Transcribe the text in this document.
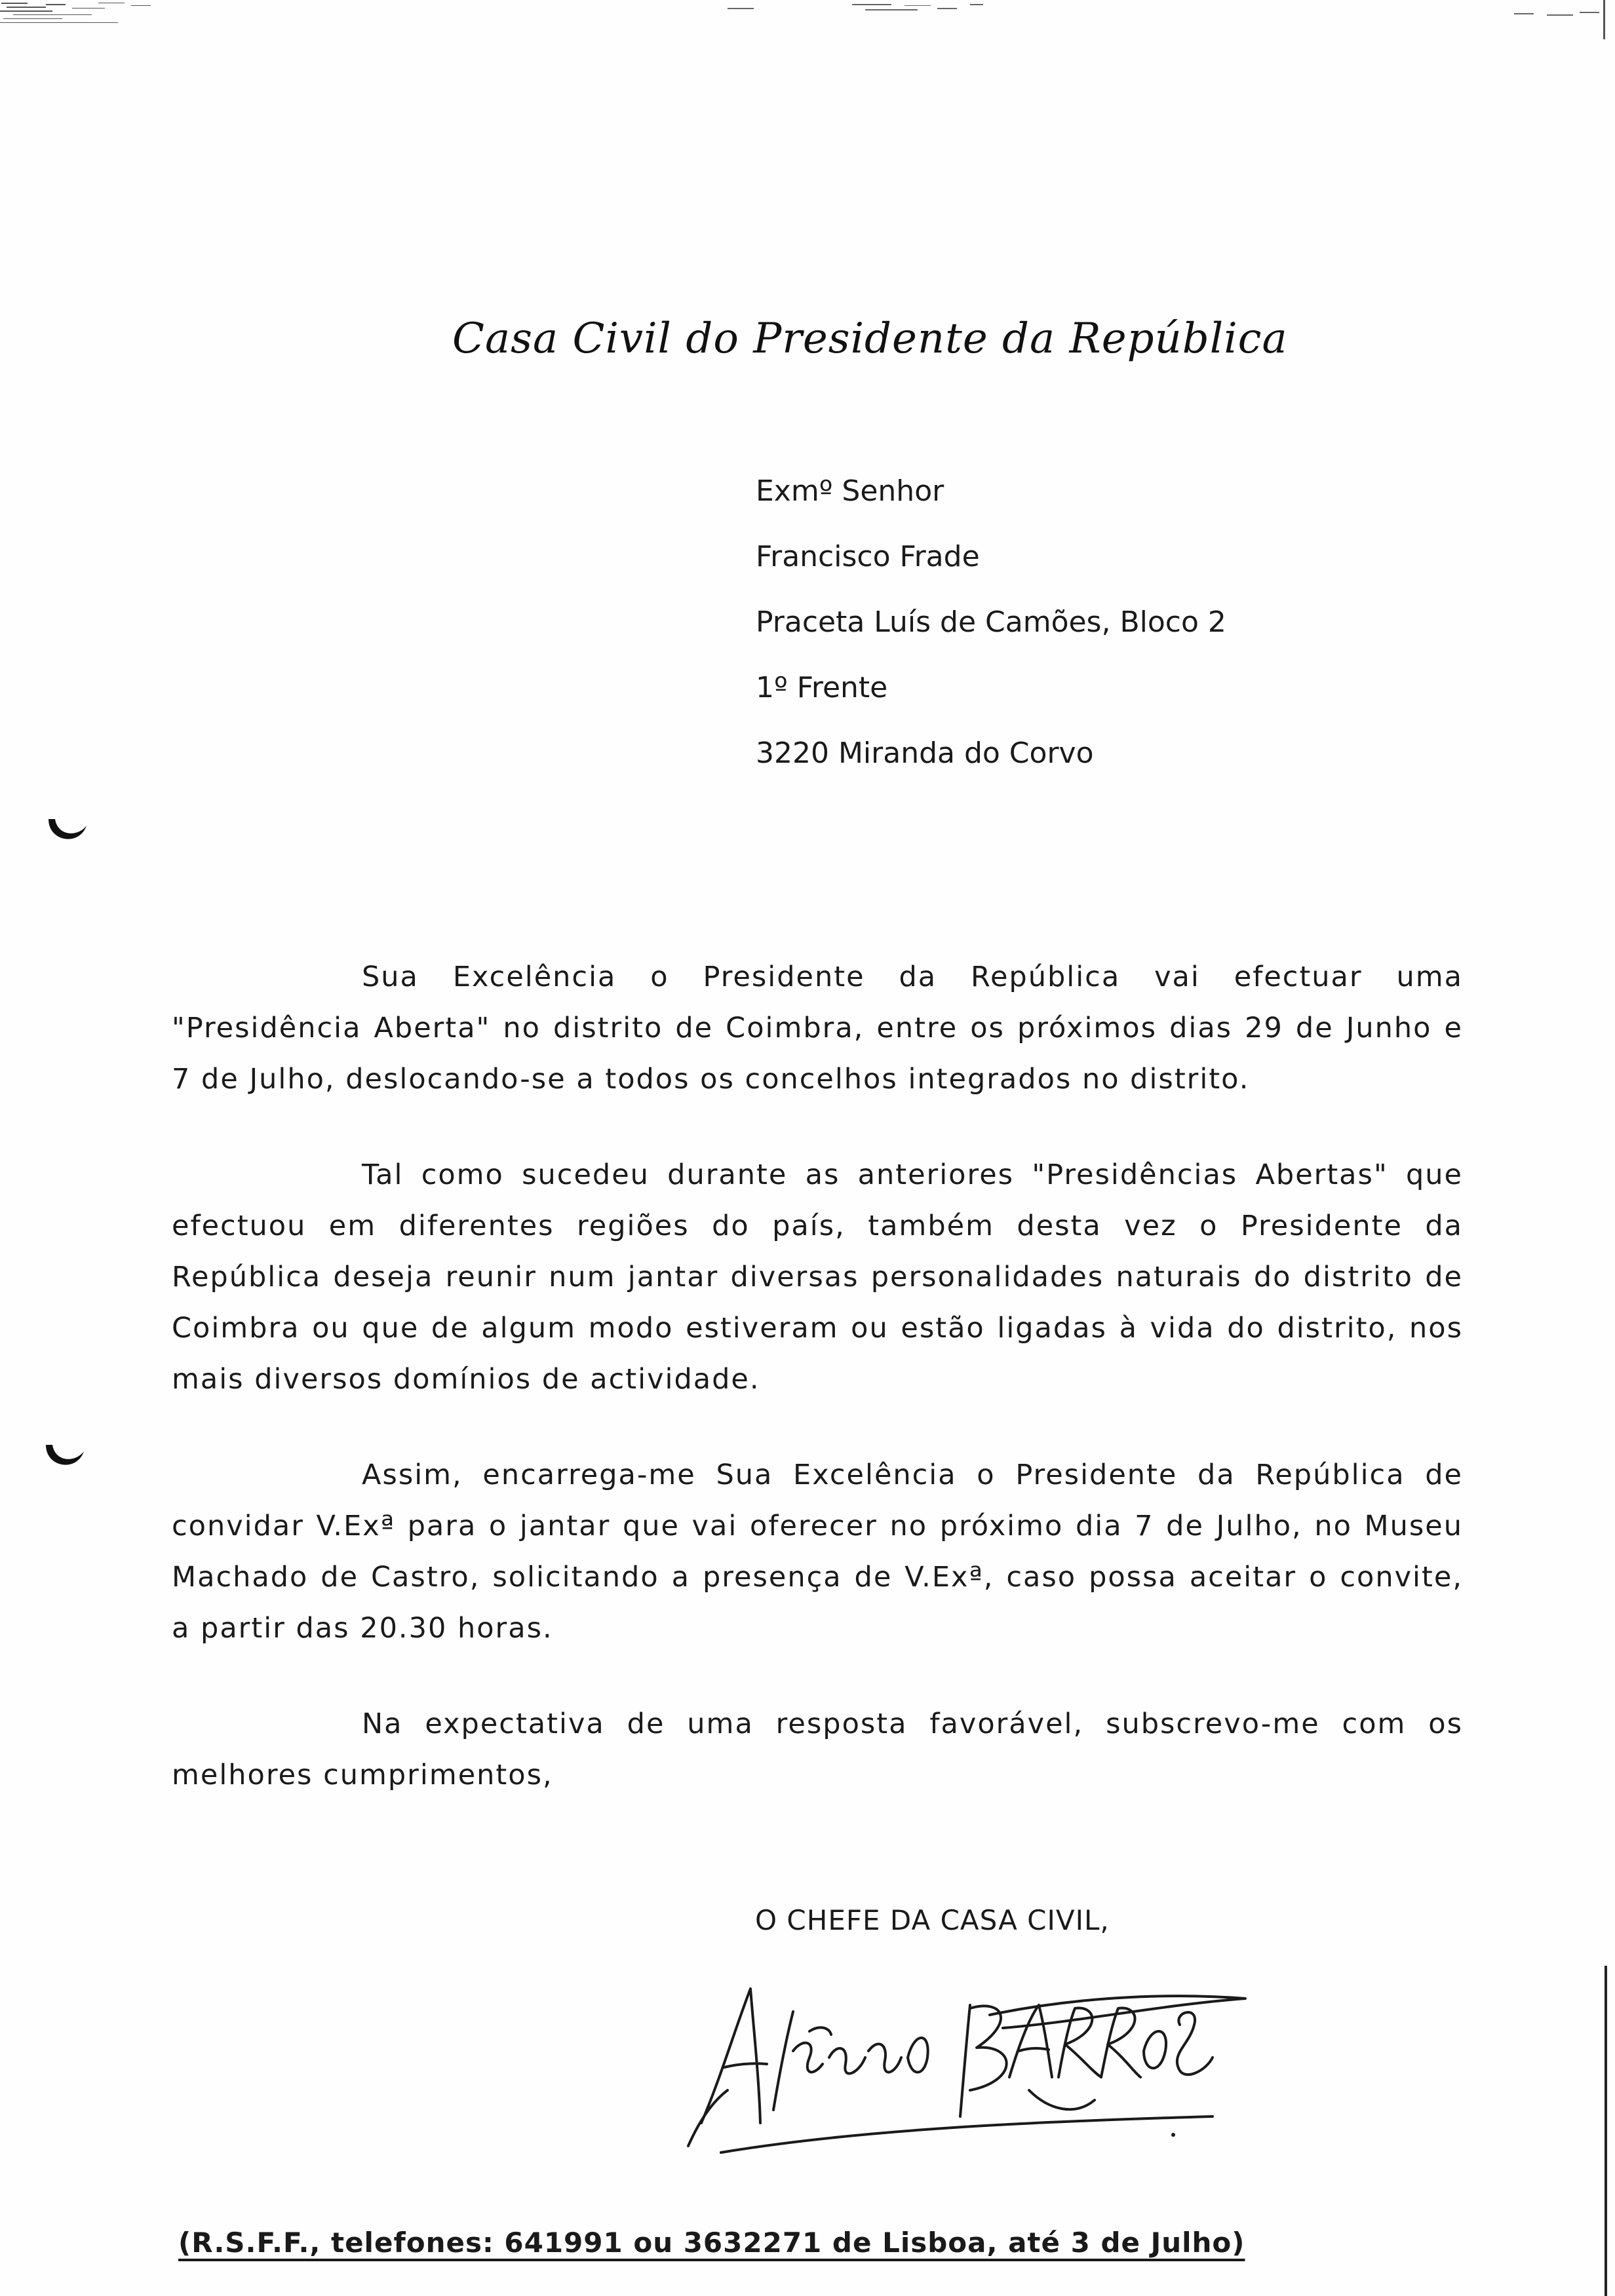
Casa Civil do Presidente da República
Exmº Senhor
Francisco Frade
Praceta Luís de Camões, Bloco 2
1º Frente
3220 Miranda do Corvo

Sua Excelência o Presidente da República vai efectuar uma "Presidência Aberta" no distrito de Coimbra, entre os próximos dias 29 de Junho e 7 de Julho, deslocando-se a todos os concelhos integrados no distrito.

Tal como sucedeu durante as anteriores "Presidências Abertas" que efectuou em diferentes regiões do país, também desta vez o Presidente da República deseja reunir num jantar diversas personalidades naturais do distrito de Coimbra ou que de algum modo estiveram ou estão ligadas à vida do distrito, nos mais diversos domínios de actividade.

Assim, encarrega-me Sua Excelência o Presidente da República de convidar V.Exª para o jantar que vai oferecer no próximo dia 7 de Julho, no Museu Machado de Castro, solicitando a presença de V.Exª, caso possa aceitar o convite, a partir das 20.30 horas.

Na expectativa de uma resposta favorável, subscrevo-me com os melhores cumprimentos,

O CHEFE DA CASA CIVIL,
(R.S.F.F., telefones: 641991 ou 3632271 de Lisboa, até 3 de Julho)
